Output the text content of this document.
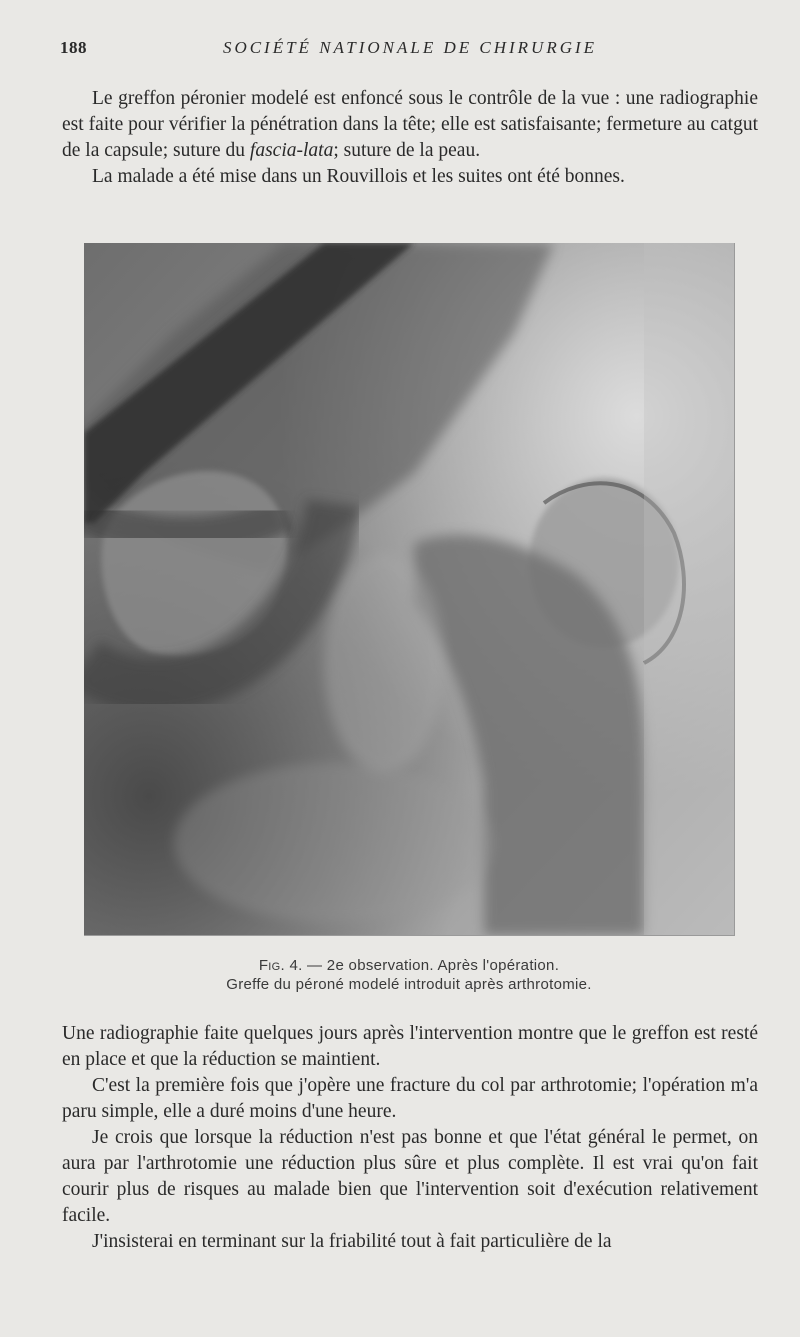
188	SOCIÉTÉ NATIONALE DE CHIRURGIE

Le greffon péronier modelé est enfoncé sous le contrôle de la vue : une radiographie est faite pour vérifier la pénétration dans la tête; elle est satisfaisante; fermeture au catgut de la capsule; suture du fascia-lata; suture de la peau.

La malade a été mise dans un Rouvillois et les suites ont été bonnes.

Fig. 4. — 2e observation. Après l'opération.
Greffe du péroné modelé introduit après arthrotomie.

Une radiographie faite quelques jours après l'intervention montre que le greffon est resté en place et que la réduction se maintient.

C'est la première fois que j'opère une fracture du col par arthrotomie; l'opération m'a paru simple, elle a duré moins d'une heure.

Je crois que lorsque la réduction n'est pas bonne et que l'état général le permet, on aura par l'arthrotomie une réduction plus sûre et plus complète. Il est vrai qu'on fait courir plus de risques au malade bien que l'intervention soit d'exécution relativement facile.

J'insisterai en terminant sur la friabilité tout à fait particulière de la
